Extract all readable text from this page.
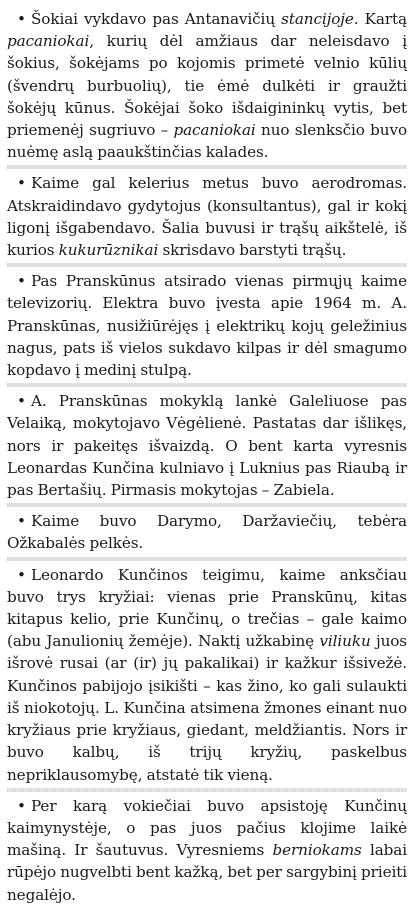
• Šokiai vykdavo pas Antanavičių stancijoje. Kartą pacaniokai, kurių dėl amžiaus dar neleisdavo į šokius, šokėjams po kojomis primetė velnio kūlių (švendrų burbuolių), tie ėmė dulkėti ir graužti šokėjų kūnus. Šokėjai šoko išdaigininkų vytis, bet priemenėj sugriuvo – pacaniokai nuo slenksčio buvo nuėmę aslą paaukštinčias kalades.
• Kaime gal kelerius metus buvo aerodromas. Atskraidindavo gydytojus (konsultantus), gal ir kokį ligonį išgabendavo. Šalia buvusi ir trąšų aikštelė, iš kurios kukurūznikai skrisdavo barstyti trąšų.
• Pas Pranskūnus atsirado vienas pirmųjų kaime televizorių. Elektra buvo įvesta apie 1964 m. A. Pranskūnas, nusižiūrėjęs į elektrikų kojų geležinius nagus, pats iš vielos sukdavo kilpas ir dėl smagumo kopdavo į medinį stulpą.
• A. Pranskūnas mokyklą lankė Galeliuose pas Velaiką, mokytojavo Vėgėlienė. Pastatas dar išlikęs, nors ir pakeitęs išvaizdą. O bent karta vyresnis Leonardas Kunčina kulniavo į Luknius pas Riaubą ir pas Bertašių. Pirmasis mokytojas – Zabiela.
• Kaime buvo Darymo, Daržaviečių, tebėra Ožkabalės pelkės.
• Leonardo Kunčinos teigimu, kaime anksčiau buvo trys kryžiai: vienas prie Pranskūnų, kitas kitapus kelio, prie Kunčinų, o trečias – gale kaimo (abu Janulionių žemėje). Naktį užkabinę viliuku juos išrovė rusai (ar (ir) jų pakalikai) ir kažkur išsivežė. Kunčinos pabijojo įsikišti – kas žino, ko gali sulaukti iš niokotojų. L. Kunčina atsimena žmones einant nuo kryžiaus prie kryžiaus, giedant, meldžiantis. Nors ir buvo kalbų, iš trijų kryžių, paskelbus nepriklausomybę, atstatė tik vieną.
• Per karą vokiečiai buvo apsistoję Kunčinų kaimynystėje, o pas juos pačius klojime laikė mašiną. Ir šautuvus. Vyresniems berniokams labai rūpėjo nugvelbti bent kažką, bet per sargybinį prieiti negalėjo.
